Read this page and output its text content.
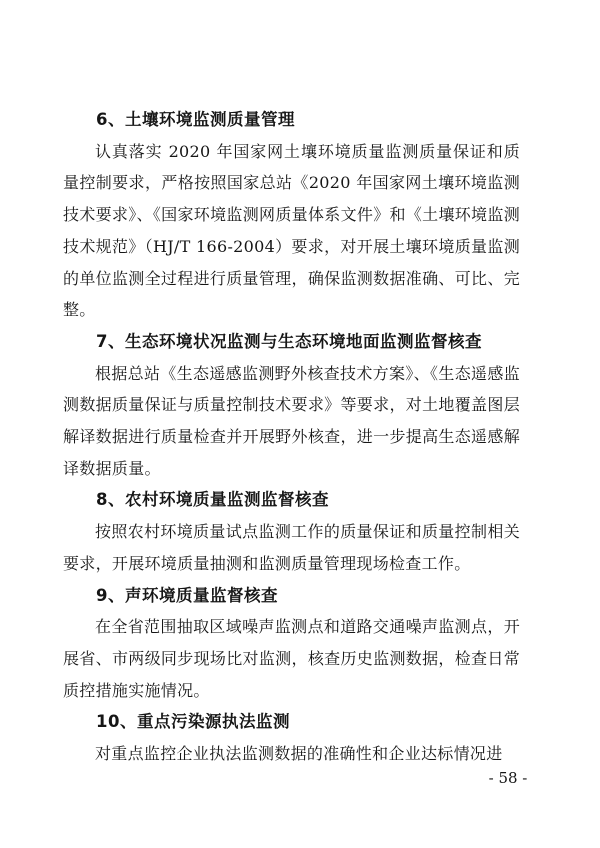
6、土壤环境监测质量管理

认真落实 2020 年国家网土壤环境质量监测质量保证和质量控制要求，严格按照国家总站《2020 年国家网土壤环境监测技术要求》、《国家环境监测网质量体系文件》和《土壤环境监测技术规范》（HJ/T 166-2004）要求，对开展土壤环境质量监测的单位监测全过程进行质量管理，确保监测数据准确、可比、完整。

7、生态环境状况监测与生态环境地面监测监督核查

根据总站《生态遥感监测野外核查技术方案》、《生态遥感监测数据质量保证与质量控制技术要求》等要求，对土地覆盖图层解译数据进行质量检查并开展野外核查，进一步提高生态遥感解译数据质量。

8、农村环境质量监测监督核查

按照农村环境质量试点监测工作的质量保证和质量控制相关要求，开展环境质量抽测和监测质量管理现场检查工作。

9、声环境质量监督核查

在全省范围抽取区域噪声监测点和道路交通噪声监测点，开展省、市两级同步现场比对监测，核查历史监测数据，检查日常质控措施实施情况。

10、重点污染源执法监测

对重点监控企业执法监测数据的准确性和企业达标情况进

- 58 -
